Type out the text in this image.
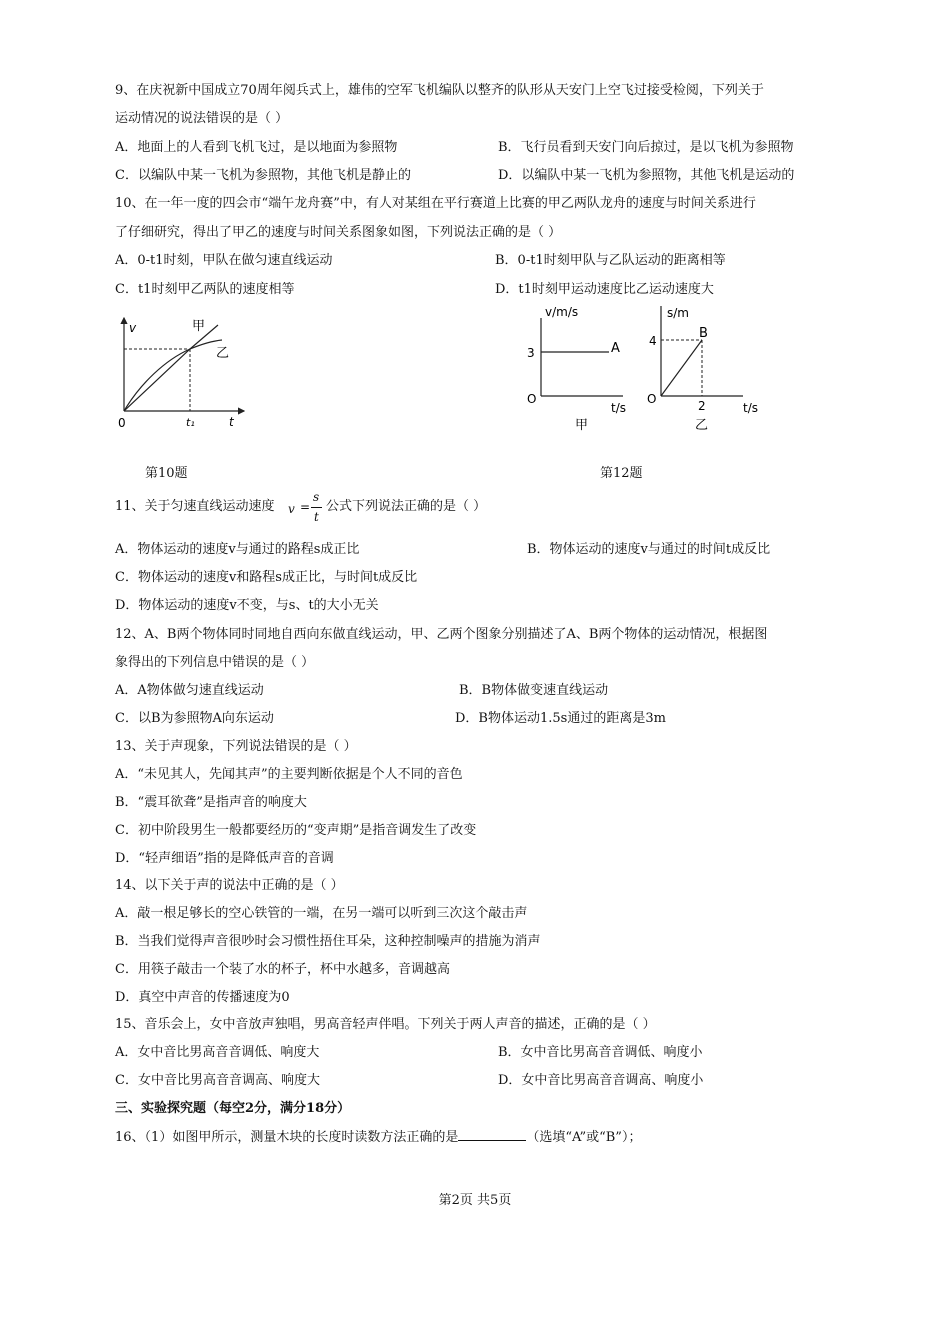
9、在庆祝新中国成立70周年阅兵式上，雄伟的空军飞机编队以整齐的队形从天安门上空飞过接受检阅，下列关于
运动情况的说法错误的是（ ）
A．地面上的人看到飞机飞过，是以地面为参照物	B．飞行员看到天安门向后掠过，是以飞机为参照物
C．以编队中某一飞机为参照物，其他飞机是静止的	D．以编队中某一飞机为参照物，其他飞机是运动的
10、在一年一度的四会市“端午龙舟赛”中，有人对某组在平行赛道上比赛的甲乙两队龙舟的速度与时间关系进行
了仔细研究，得出了甲乙的速度与时间关系图象如图，下列说法正确的是（ ）
A．0-t1时刻，甲队在做匀速直线运动	B．0-t1时刻甲队与乙队运动的距离相等
C．t1时刻甲乙两队的速度相等	D．t1时刻甲运动速度比乙运动速度大
v	甲
乙
0	t₁	t
v/m/s
3	A
O
t/s
甲
s/m
4	B
O	2	t/s
乙
第10题	第12题
11、关于匀速直线运动速度 v =
s
t
公式下列说法正确的是（ ）
A．物体运动的速度v与通过的路程s成正比	B．物体运动的速度v与通过的时间t成反比
C．物体运动的速度v和路程s成正比，与时间t成反比
D．物体运动的速度v不变，与s、t的大小无关
12、A、B两个物体同时同地自西向东做直线运动，甲、乙两个图象分别描述了A、B两个物体的运动情况，根据图
象得出的下列信息中错误的是（ ）
A．A物体做匀速直线运动	B．B物体做变速直线运动
C．以B为参照物A向东运动	D．B物体运动1.5s通过的距离是3m
13、关于声现象，下列说法错误的是（ ）
A．“未见其人，先闻其声”的主要判断依据是个人不同的音色
B．“震耳欲聋”是指声音的响度大
C．初中阶段男生一般都要经历的“变声期”是指音调发生了改变
D．“轻声细语”指的是降低声音的音调
14、以下关于声的说法中正确的是（ ）
A．敲一根足够长的空心铁管的一端，在另一端可以听到三次这个敲击声
B．当我们觉得声音很吵时会习惯性捂住耳朵，这种控制噪声的措施为消声
C．用筷子敲击一个装了水的杯子，杯中水越多，音调越高
D．真空中声音的传播速度为0
15、音乐会上，女中音放声独唱，男高音轻声伴唱。下列关于两人声音的描述，正确的是（ ）
A．女中音比男高音音调低、响度大	B．女中音比男高音音调低、响度小
C．女中音比男高音音调高、响度大	D．女中音比男高音音调高、响度小
三、实验探究题（每空2分，满分18分）
16、（1）如图甲所示，测量木块的长度时读数方法正确的是	（选填“A”或“B”）；
第2页 共5页
